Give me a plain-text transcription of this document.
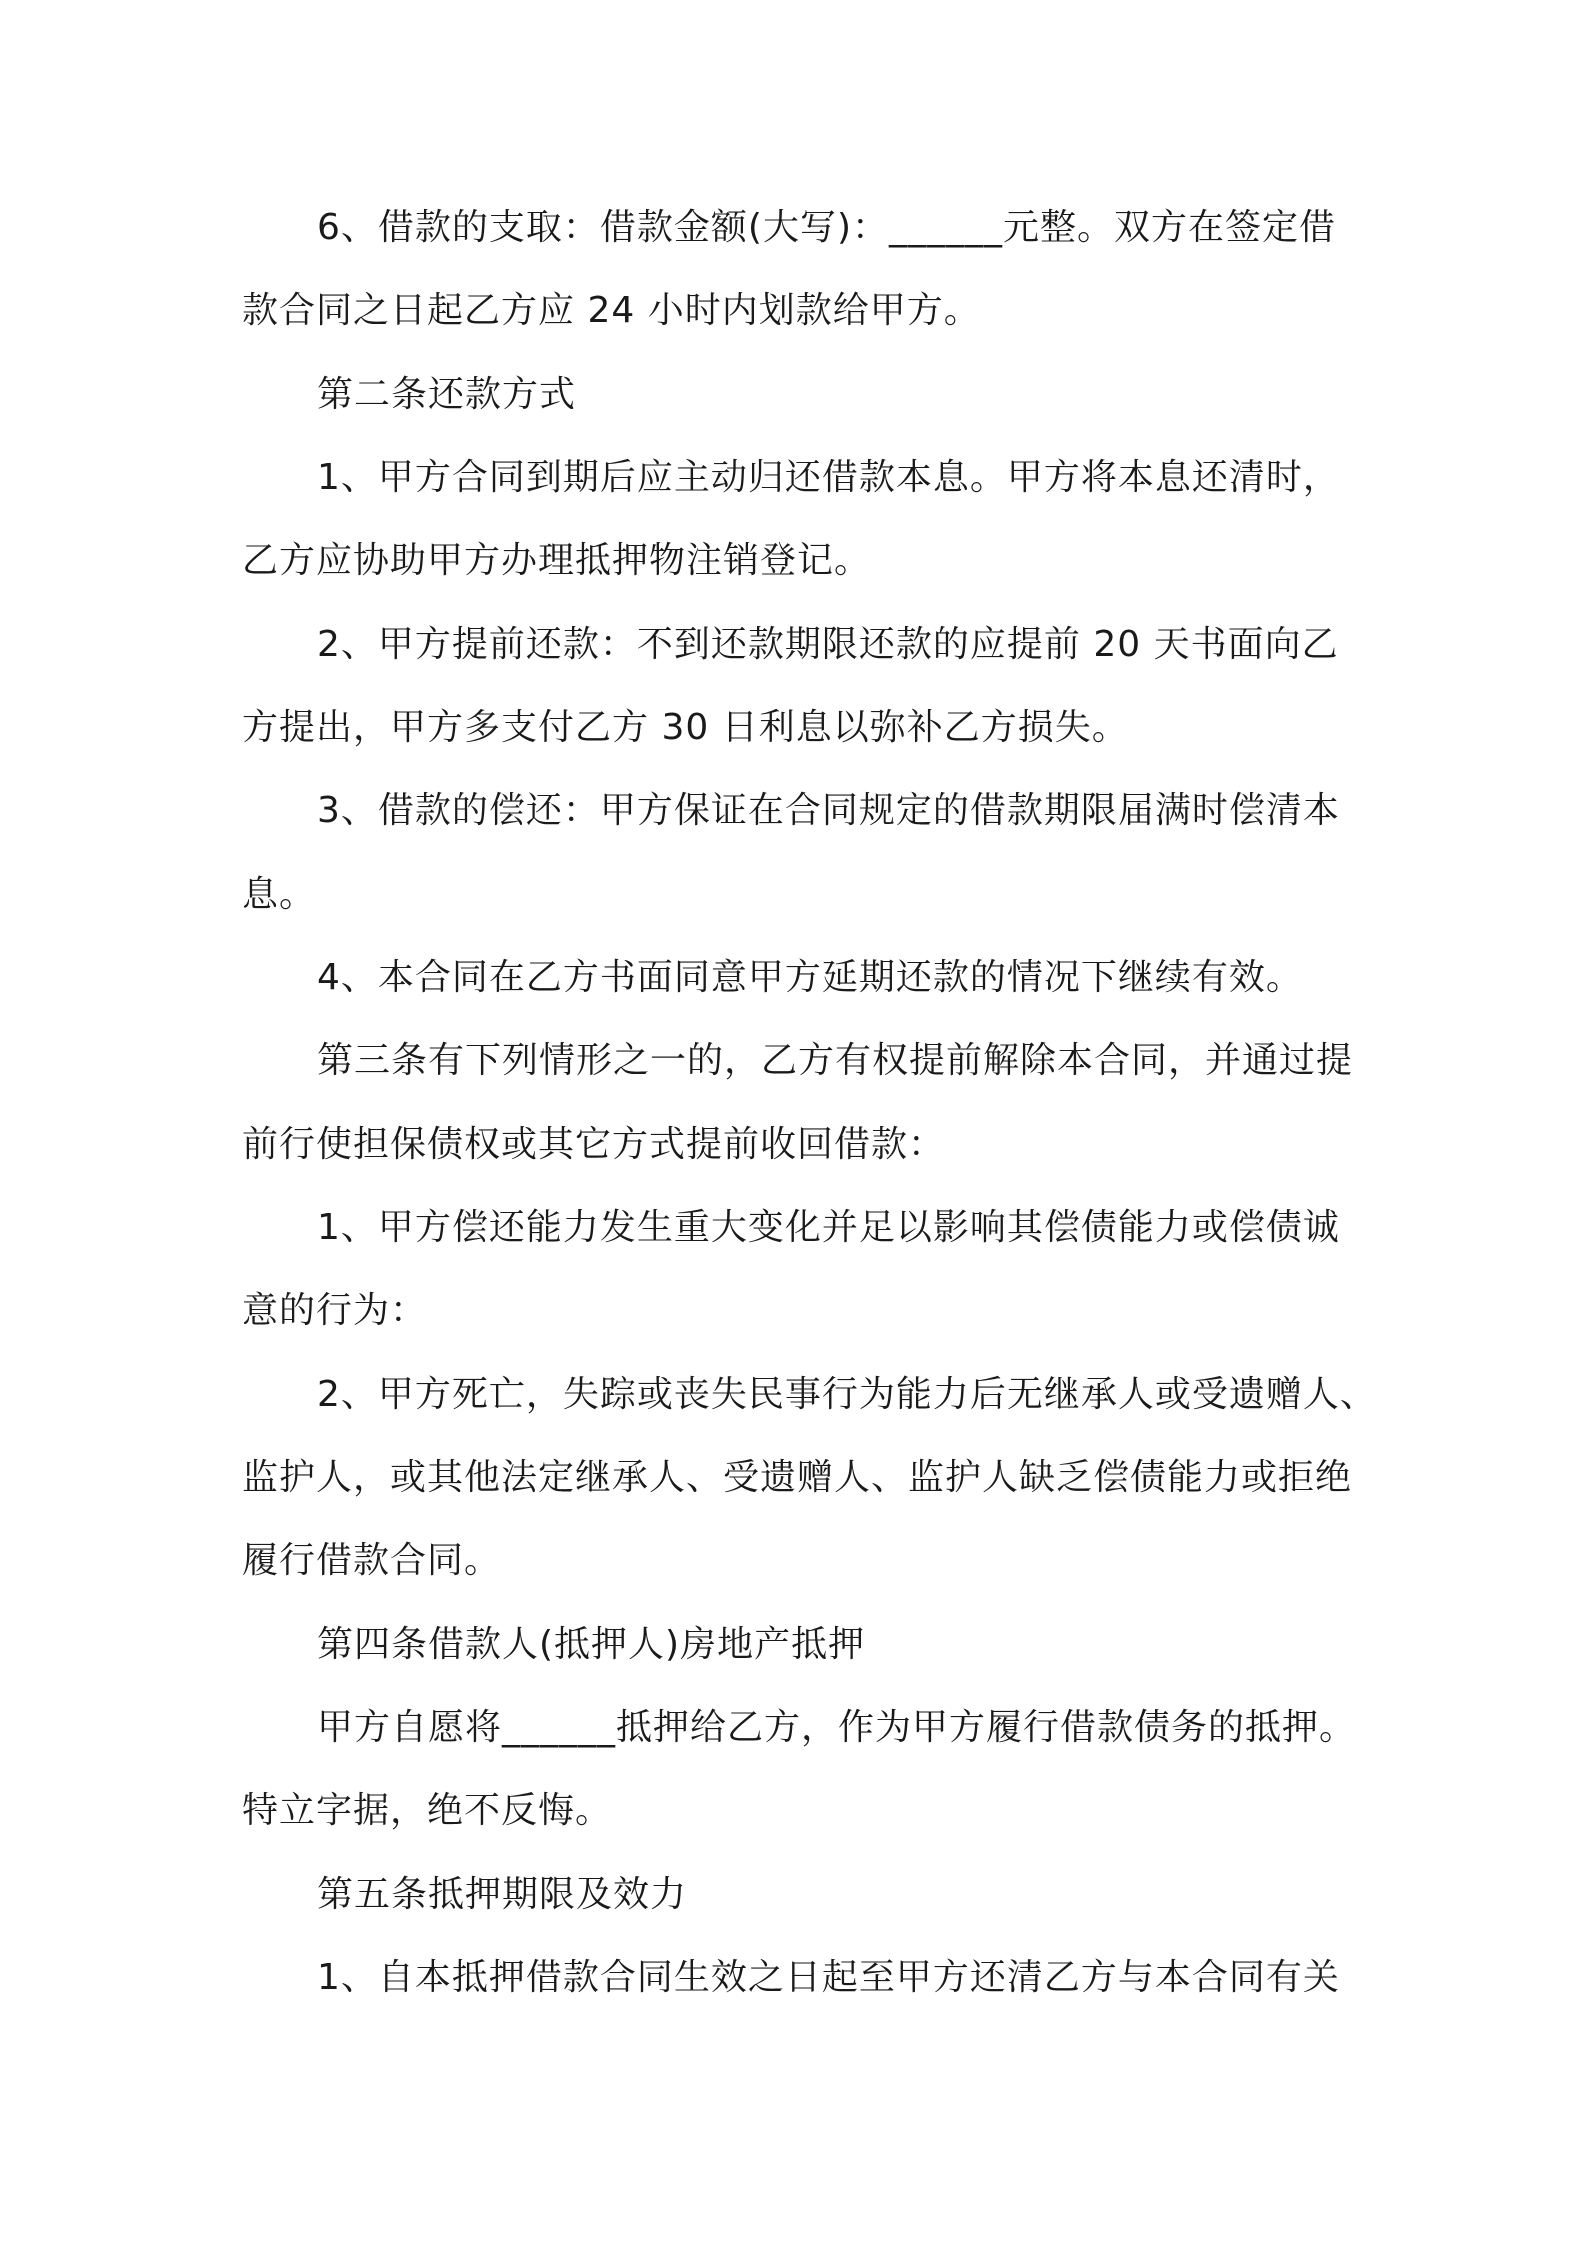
6、借款的支取：借款金额(大写)：______元整。双方在签定借
款合同之日起乙方应 24 小时内划款给甲方。
第二条还款方式
1、甲方合同到期后应主动归还借款本息。甲方将本息还清时，
乙方应协助甲方办理抵押物注销登记。
2、甲方提前还款：不到还款期限还款的应提前 20 天书面向乙
方提出，甲方多支付乙方 30 日利息以弥补乙方损失。
3、借款的偿还：甲方保证在合同规定的借款期限届满时偿清本
息。
4、本合同在乙方书面同意甲方延期还款的情况下继续有效。
第三条有下列情形之一的，乙方有权提前解除本合同，并通过提
前行使担保债权或其它方式提前收回借款：
1、甲方偿还能力发生重大变化并足以影响其偿债能力或偿债诚
意的行为：
2、甲方死亡，失踪或丧失民事行为能力后无继承人或受遗赠人、
监护人，或其他法定继承人、受遗赠人、监护人缺乏偿债能力或拒绝
履行借款合同。
第四条借款人(抵押人)房地产抵押
甲方自愿将______抵押给乙方，作为甲方履行借款债务的抵押。
特立字据，绝不反悔。
第五条抵押期限及效力
1、自本抵押借款合同生效之日起至甲方还清乙方与本合同有关
